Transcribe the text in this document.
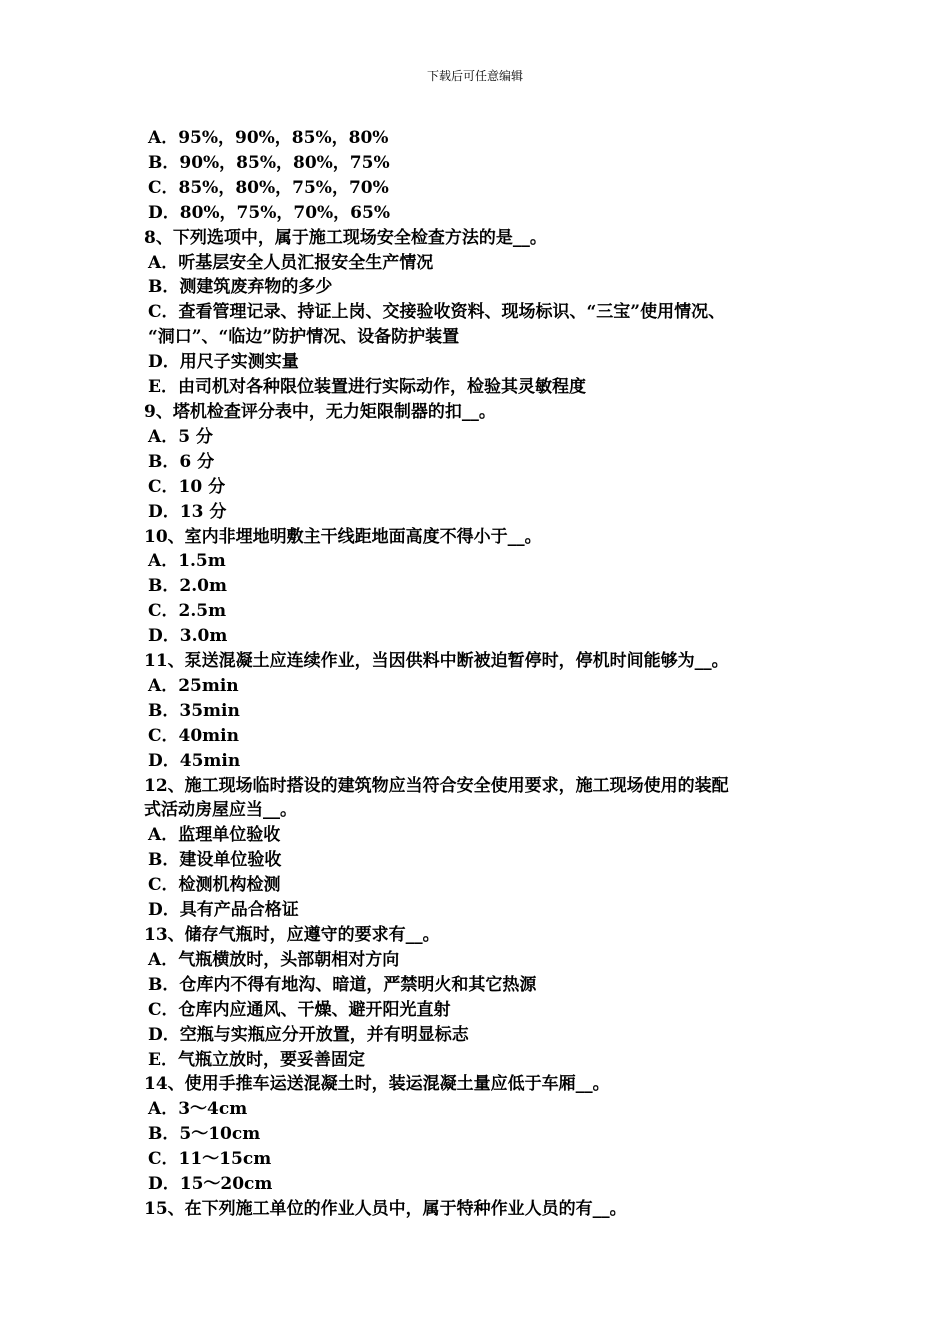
下载后可任意编辑
A．95%，90%，85%，80%
B．90%，85%，80%，75%
C．85%，80%，75%，70%
D．80%，75%，70%，65%
8、下列选项中，属于施工现场安全检查方法的是__。
A．听基层安全人员汇报安全生产情况
B．测建筑废弃物的多少
C．查看管理记录、持证上岗、交接验收资料、现场标识、“三宝”使用情况、
“洞口”、“临边”防护情况、设备防护装置
D．用尺子实测实量
E．由司机对各种限位装置进行实际动作，检验其灵敏程度
9、塔机检查评分表中，无力矩限制器的扣__。
A．5 分
B．6 分
C．10 分
D．13 分
10、室内非埋地明敷主干线距地面高度不得小于__。
A．1.5m
B．2.0m
C．2.5m
D．3.0m
11、泵送混凝土应连续作业，当因供料中断被迫暂停时，停机时间能够为__。
A．25min
B．35min
C．40min
D．45min
12、施工现场临时搭设的建筑物应当符合安全使用要求，施工现场使用的装配
式活动房屋应当__。
A．监理单位验收
B．建设单位验收
C．检测机构检测
D．具有产品合格证
13、储存气瓶时，应遵守的要求有__。
A．气瓶横放时，头部朝相对方向
B．仓库内不得有地沟、暗道，严禁明火和其它热源
C．仓库内应通风、干燥、避开阳光直射
D．空瓶与实瓶应分开放置，并有明显标志
E．气瓶立放时，要妥善固定
14、使用手推车运送混凝土时，装运混凝土量应低于车厢__。
A．3～4cm
B．5～10cm
C．11～15cm
D．15～20cm
15、在下列施工单位的作业人员中，属于特种作业人员的有__。
